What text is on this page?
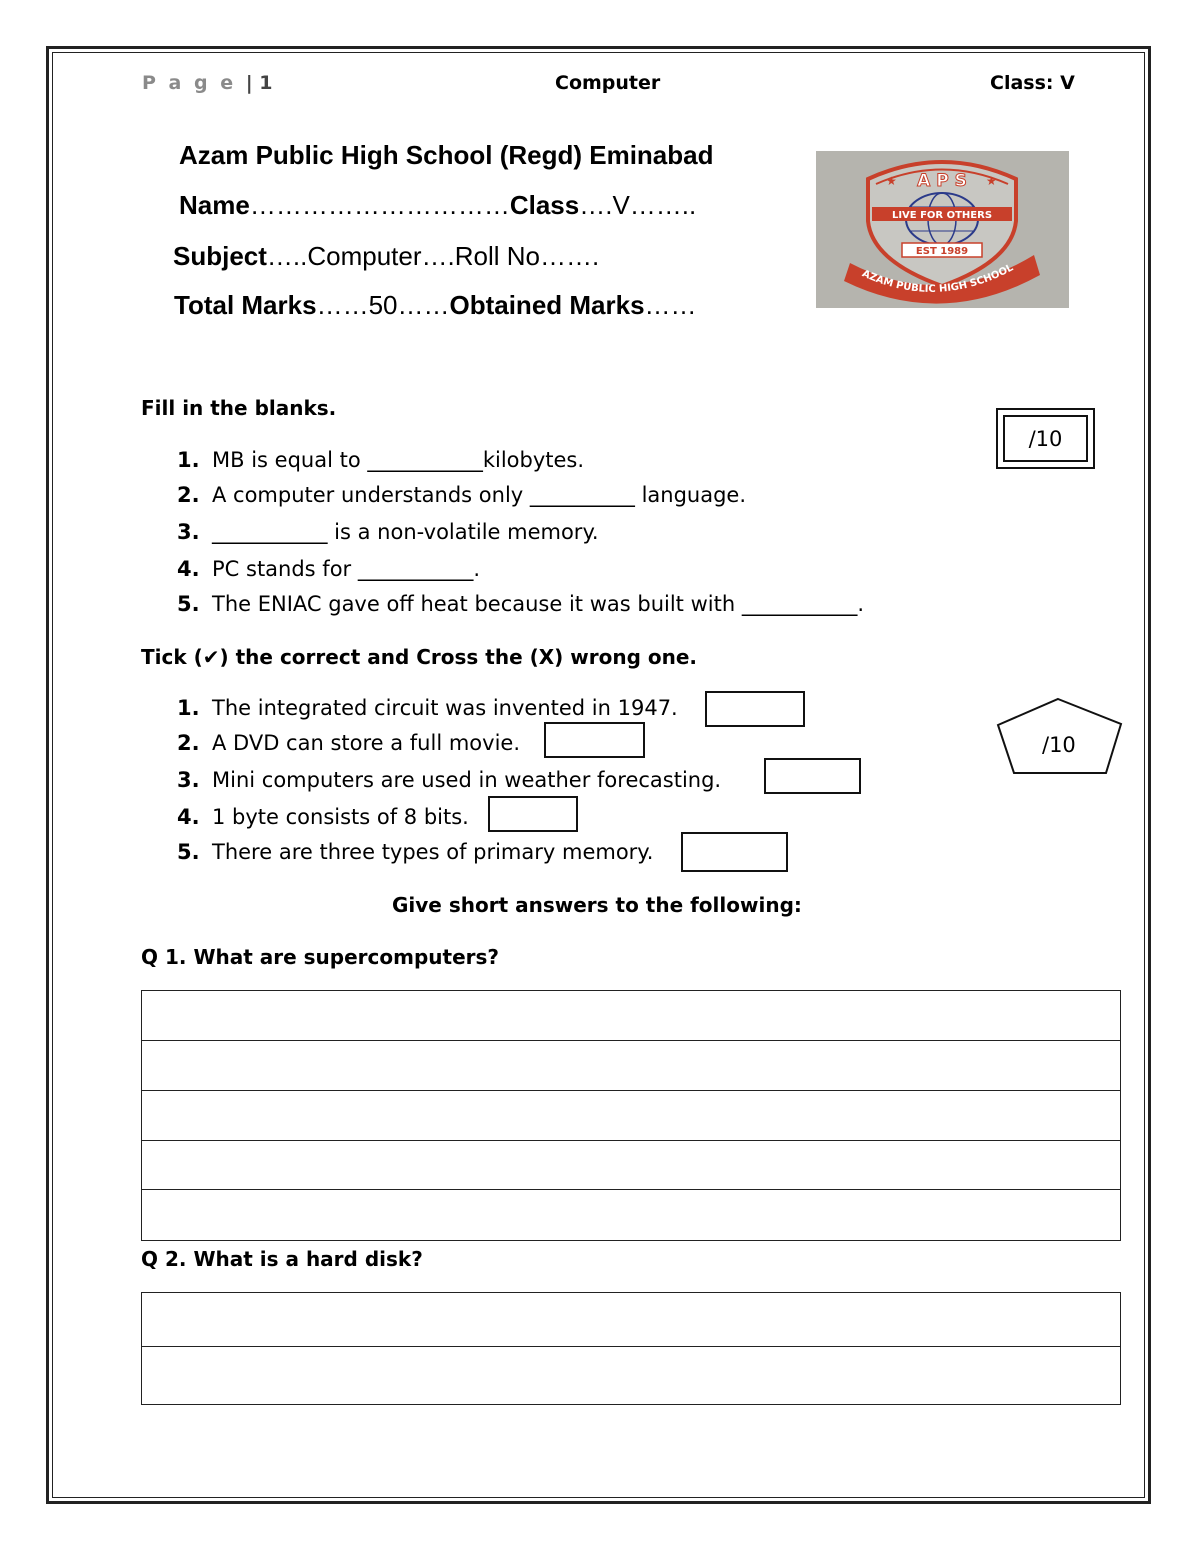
P a g e | 1	Computer	Class: V
Azam Public High School (Regd) Eminabad
Name…………………………Class….V……..
Subject…..Computer….Roll No…….
Total Marks……50……Obtained Marks……
A P S
★	★
LIVE FOR OTHERS
EST 1989
AZAM PUBLIC HIGH SCHOOL
Fill in the blanks.
/10
1. MB is equal to ___________kilobytes.
2. A computer understands only __________ language.
3. ___________ is a non-volatile memory.
4. PC stands for ___________.
5. The ENIAC gave off heat because it was built with ___________.
Tick (✔) the correct and Cross the (X) wrong one.
/10
1. The integrated circuit was invented in 1947.
2. A DVD can store a full movie.
3. Mini computers are used in weather forecasting.
4. 1 byte consists of 8 bits.
5. There are three types of primary memory.
Give short answers to the following:
Q 1. What are supercomputers?
Q 2. What is a hard disk?
